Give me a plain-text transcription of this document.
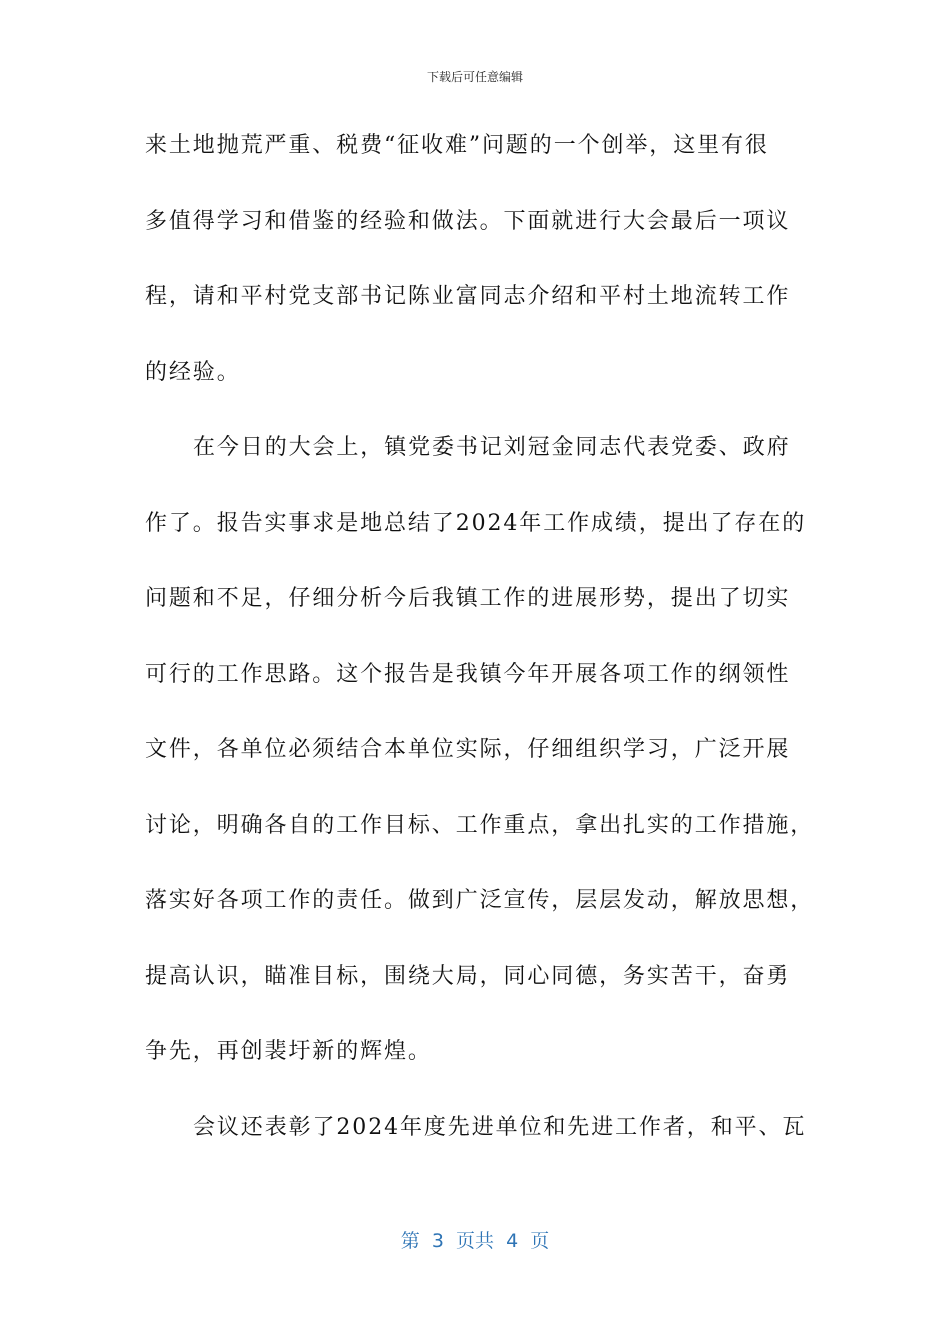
下载后可任意编辑
来土地抛荒严重、税费“征收难”问题的一个创举，这里有很
多值得学习和借鉴的经验和做法。下面就进行大会最后一项议
程，请和平村党支部书记陈业富同志介绍和平村土地流转工作
的经验。
在今日的大会上，镇党委书记刘冠金同志代表党委、政府
作了。报告实事求是地总结了2024年工作成绩，提出了存在的
问题和不足，仔细分析今后我镇工作的进展形势，提出了切实
可行的工作思路。这个报告是我镇今年开展各项工作的纲领性
文件，各单位必须结合本单位实际，仔细组织学习，广泛开展
讨论，明确各自的工作目标、工作重点，拿出扎实的工作措施，
落实好各项工作的责任。做到广泛宣传，层层发动，解放思想，
提高认识，瞄准目标，围绕大局，同心同德，务实苦干，奋勇
争先，再创裴圩新的辉煌。
会议还表彰了2024年度先进单位和先进工作者，和平、瓦
第  3  页共  4  页
